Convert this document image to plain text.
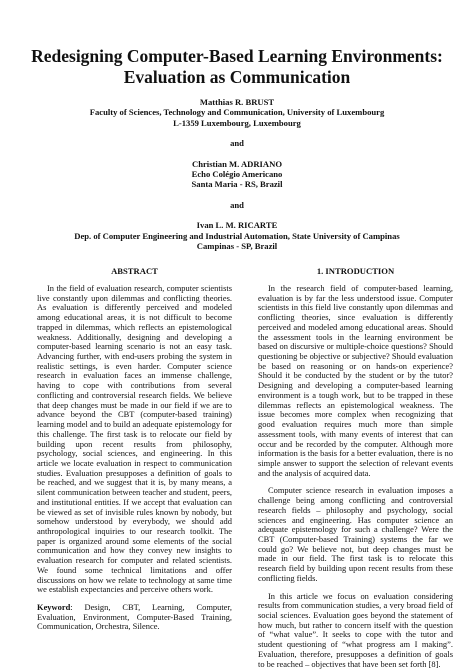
Redesigning Computer-Based Learning Environments:
Evaluation as Communication
Matthias R. BRUST
Faculty of Sciences, Technology and Communication, University of Luxembourg
L-1359 Luxembourg, Luxembourg
and
Christian M. ADRIANO
Echo Colégio Americano
Santa Maria - RS, Brazil
and
Ivan L. M. RICARTE
Dep. of Computer Engineering and Industrial Automation, State University of Campinas
Campinas - SP, Brazil
ABSTRACT

In the field of evaluation research, computer scientists live constantly upon dilemmas and conflicting theories. As evaluation is differently perceived and modeled among educational areas, it is not difficult to become trapped in dilemmas, which reflects an epistemological weakness. Additionally, designing and developing a computer-based learning scenario is not an easy task. Advancing further, with end-users probing the system in realistic settings, is even harder. Computer science research in evaluation faces an immense challenge, having to cope with contributions from several conflicting and controversial research fields. We believe that deep changes must be made in our field if we are to advance beyond the CBT (computer-based training) learning model and to build an adequate epistemology for this challenge. The first task is to relocate our field by building upon recent results from philosophy, psychology, social sciences, and engineering. In this article we locate evaluation in respect to communication studies. Evaluation presupposes a definition of goals to be reached, and we suggest that it is, by many means, a silent communication between teacher and student, peers, and institutional entities. If we accept that evaluation can be viewed as set of invisible rules known by nobody, but somehow understood by everybody, we should add anthropological inquiries to our research toolkit. The paper is organized around some elements of the social communication and how they convey new insights to evaluation research for computer and related scientists. We found some technical limitations and offer discussions on how we relate to technology at same time we establish expectancies and perceive others work.

Keyword: Design, CBT, Learning, Computer, Evaluation, Environment, Computer-Based Training, Communication, Orchestra, Silence.

1. INTRODUCTION

In the research field of computer-based learning, evaluation is by far the less understood issue. Computer scientists in this field live constantly upon dilemmas and conflicting theories, since evaluation is differently perceived and modeled among educational areas. Should the assessment tools in the learning environment be based on discursive or multiple-choice questions? Should questioning be objective or subjective? Should evaluation be based on reasoning or on hands-on experience? Should it be conducted by the student or by the tutor? Designing and developing a computer-based learning environment is a tough work, but to be trapped in these dilemmas reflects an epistemological weakness. The issue becomes more complex when recognizing that good evaluation requires much more than simple assessment tools, with many events of interest that can occur and be recorded by the computer. Although more information is the basis for a better evaluation, there is no simple answer to support the selection of relevant events and the analysis of acquired data.

Computer science research in evaluation imposes a challenge being among conflicting and controversial research fields – philosophy and psychology, social sciences and engineering. Has computer science an adequate epistemology for such a challenge? Were the CBT (Computer-based Training) systems the far we could go? We believe not, but deep changes must be made in our field. The first task is to relocate this research field by building upon recent results from these conflicting fields.

In this article we focus on evaluation considering results from communication studies, a very broad field of social sciences. Evaluation goes beyond the statement of how much, but rather to concern itself with the question of “what value”. It seeks to cope with the tutor and student questioning of “what progress am I making”. Evaluation, therefore, presupposes a definition of goals to be reached – objectives that have been set forth [8].
